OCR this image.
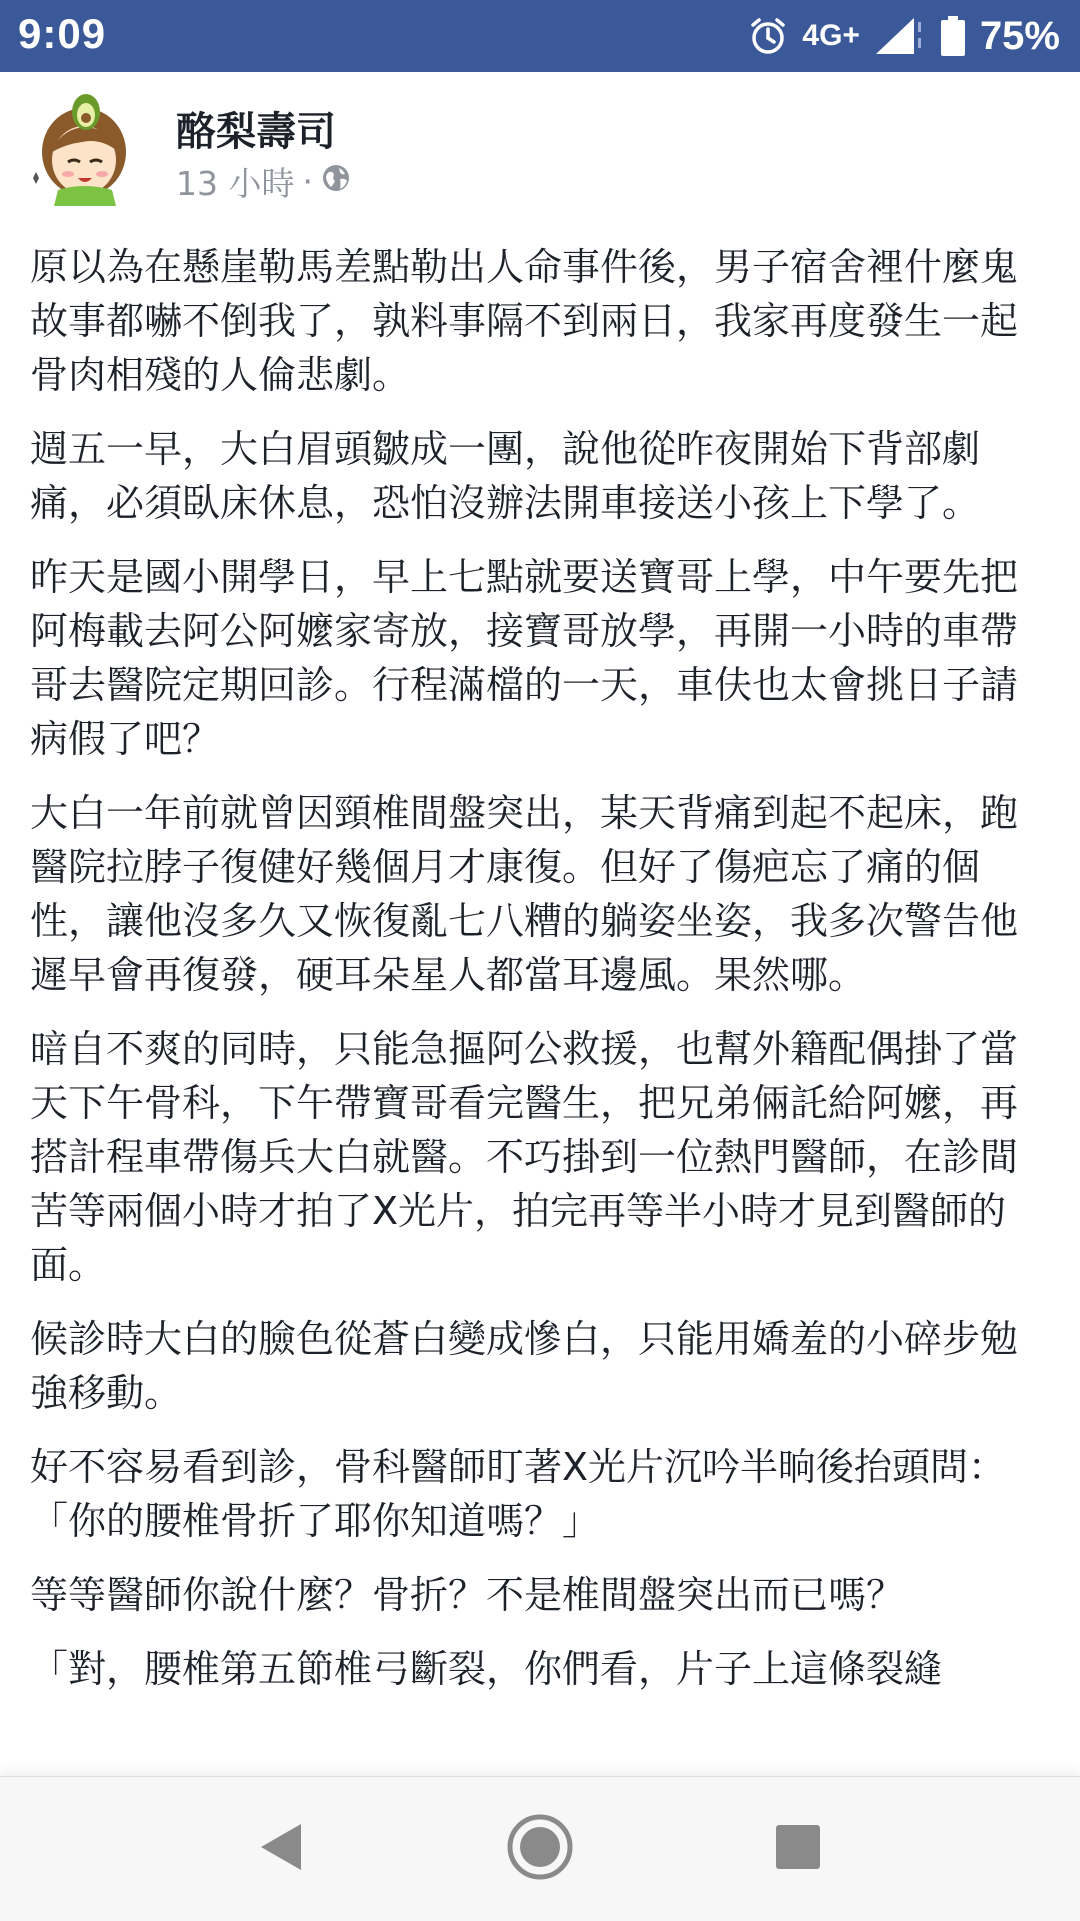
9:09	4G+	75%
酪梨壽司
13 小時 ·

原以為在懸崖勒馬差點勒出人命事件後，男子宿舍裡什麼鬼故事都嚇不倒我了，孰料事隔不到兩日，我家再度發生一起骨肉相殘的人倫悲劇。

週五一早，大白眉頭皺成一團，說他從昨夜開始下背部劇痛，必須臥床休息，恐怕沒辦法開車接送小孩上下學了。

昨天是國小開學日，早上七點就要送寶哥上學，中午要先把阿梅載去阿公阿嬤家寄放，接寶哥放學，再開一小時的車帶哥去醫院定期回診。行程滿檔的一天，車伕也太會挑日子請病假了吧？

大白一年前就曾因頸椎間盤突出，某天背痛到起不起床，跑醫院拉脖子復健好幾個月才康復。但好了傷疤忘了痛的個性，讓他沒多久又恢復亂七八糟的躺姿坐姿，我多次警告他遲早會再復發，硬耳朵星人都當耳邊風。果然哪。

暗自不爽的同時，只能急摳阿公救援，也幫外籍配偶掛了當天下午骨科，下午帶寶哥看完醫生，把兄弟倆託給阿嬤，再搭計程車帶傷兵大白就醫。不巧掛到一位熱門醫師，在診間苦等兩個小時才拍了X光片，拍完再等半小時才見到醫師的面。

候診時大白的臉色從蒼白變成慘白，只能用嬌羞的小碎步勉強移動。

好不容易看到診，骨科醫師盯著X光片沉吟半晌後抬頭問：「你的腰椎骨折了耶你知道嗎？」

等等醫師你說什麼？骨折？不是椎間盤突出而已嗎？

「對，腰椎第五節椎弓斷裂，你們看，片子上這條裂縫
